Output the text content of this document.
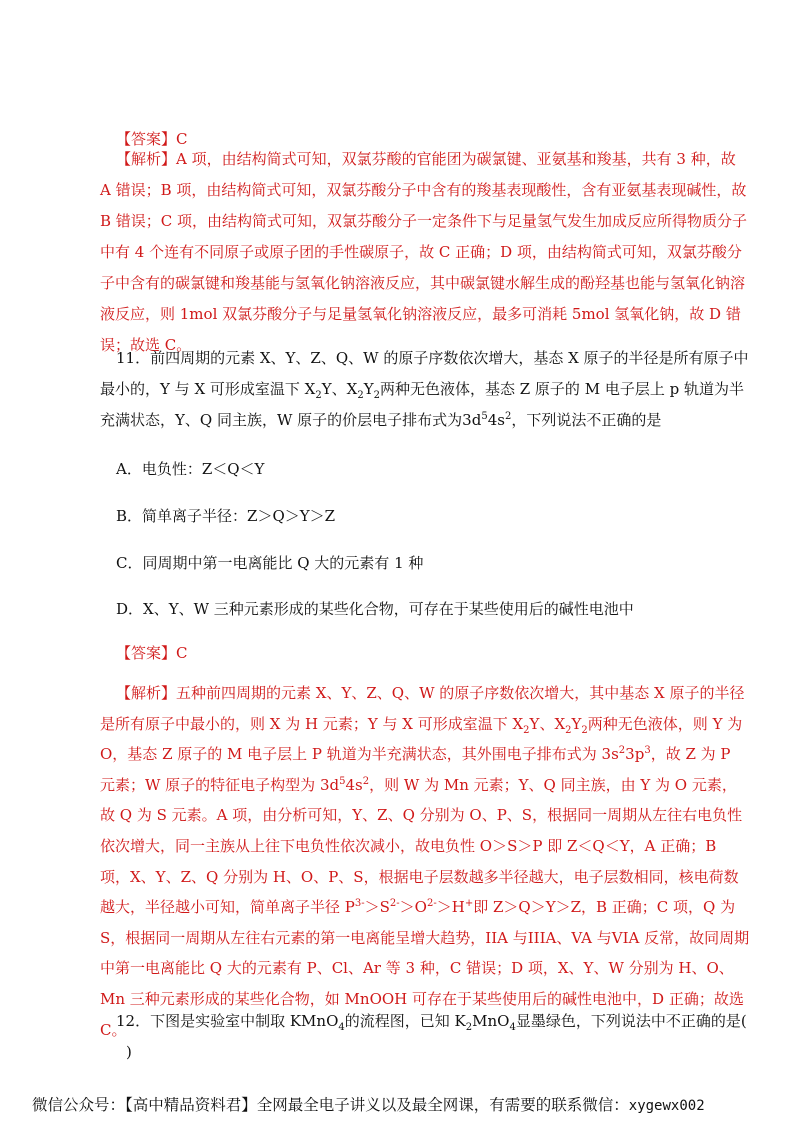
【答案】C

【解析】A 项，由结构简式可知，双氯芬酸的官能团为碳氯键、亚氨基和羧基，共有 3 种，故 A 错误；B 项，由结构简式可知，双氯芬酸分子中含有的羧基表现酸性，含有亚氨基表现碱性，故 B 错误；C 项，由结构简式可知，双氯芬酸分子一定条件下与足量氢气发生加成反应所得物质分子中有 4 个连有不同原子或原子团的手性碳原子，故 C 正确；D 项，由结构简式可知，双氯芬酸分子中含有的碳氯键和羧基能与氢氧化钠溶液反应，其中碳氯键水解生成的酚羟基也能与氢氧化钠溶液反应，则 1mol 双氯芬酸分子与足量氢氧化钠溶液反应，最多可消耗 5mol 氢氧化钠，故 D 错误；故选 C。

11．前四周期的元素 X、Y、Z、Q、W 的原子序数依次增大，基态 X 原子的半径是所有原子中最小的，Y 与 X 可形成室温下 $X_2Y$、$X_2Y_2$两种无色液体，基态 Z 原子的 M 电子层上 p 轨道为半充满状态，Y、Q 同主族，W 原子的价层电子排布式为$3d^54s^2$，下列说法不正确的是

A．电负性：Z＜Q＜Y
B．简单离子半径：Z＞Q＞Y＞Z
C．同周期中第一电离能比 Q 大的元素有 1 种
D．X、Y、W 三种元素形成的某些化合物，可存在于某些使用后的碱性电池中
【答案】C

【解析】五种前四周期的元素 X、Y、Z、Q、W 的原子序数依次增大，其中基态 X 原子的半径是所有原子中最小的，则 X 为 H 元素；Y 与 X 可形成室温下 $X_2Y$、$X_2Y_2$两种无色液体，则 Y 为 O，基态 Z 原子的 M 电子层上 P 轨道为半充满状态，其外围电子排布式为 $3s^23p^3$，故 Z 为 P 元素；W 原子的特征电子构型为 $3d^54s^2$，则 W 为 Mn 元素；Y、Q 同主族，由 Y 为 O 元素，故 Q 为 S 元素。A 项，由分析可知，Y、Z、Q 分别为 O、P、S，根据同一周期从左往右电负性依次增大，同一主族从上往下电负性依次减小，故电负性 O＞S＞P 即 Z＜Q＜Y，A 正确；B 项，X、Y、Z、Q 分别为 H、O、P、S，根据电子层数越多半径越大，电子层数相同，核电荷数越大，半径越小可知，简单离子半径 $P^{3-}>S^{2-}>O^{2-}>H^+$即 Z＞Q＞Y＞Z，B 正确；C 项，Q 为 S，根据同一周期从左往右元素的第一电离能呈增大趋势，IIA 与IIIA、VA 与VIA 反常，故同周期中第一电离能比 Q 大的元素有 P、Cl、Ar 等 3 种，C 错误；D 项，X、Y、W 分别为 H、O、Mn 三种元素形成的某些化合物，如 MnOOH 可存在于某些使用后的碱性电池中，D 正确；故选 C。

12．下图是实验室中制取 KMnO$_4$的流程图，已知 $K_2MnO_4$显墨绿色，下列说法中不正确的是()

微信公众号：【高中精品资料君】全网最全电子讲义以及最全网课，有需要的联系微信：xygewx002
